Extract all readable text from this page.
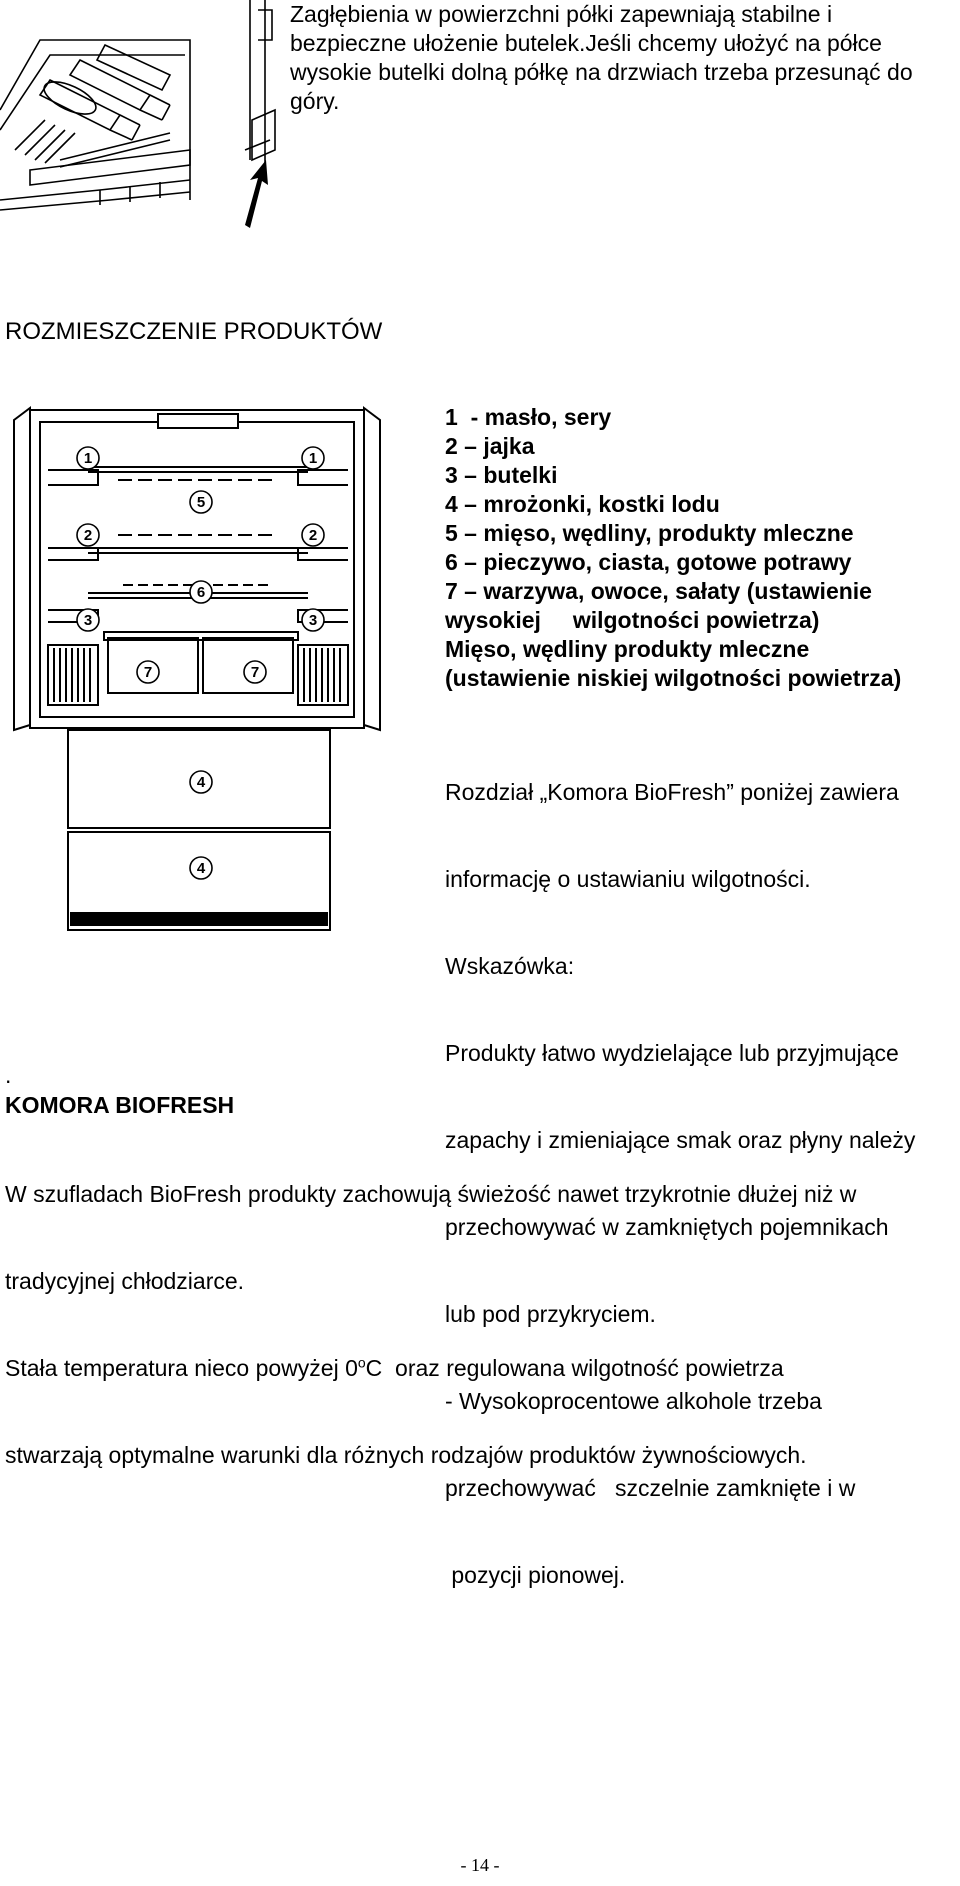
Zagłębienia w powierzchni półki zapewniają stabilne i bezpieczne ułożenie butelek.Jeśli chcemy ułożyć na półce wysokie butelki dolną półkę na drzwiach trzeba przesunąć do góry.
ROZMIESZCZENIE PRODUKTÓW
1	1
2	2
3	3
5
6
7	7
4
4
1  - masło, sery
2 – jajka
3 – butelki
4 – mrożonki, kostki lodu
5 – mięso, wędliny, produkty mleczne
6 – pieczywo, ciasta, gotowe potrawy
7 – warzywa, owoce, sałaty (ustawienie
wysokiej     wilgotności powietrza)
Mięso, wędliny produkty mleczne
(ustawienie niskiej wilgotności powietrza)

Rozdział „Komora BioFresh” poniżej zawiera

informację o ustawianiu wilgotności.

Wskazówka:

Produkty łatwo wydzielające lub przyjmujące

zapachy i zmieniające smak oraz płyny należy

przechowywać w zamkniętych pojemnikach

lub pod przykryciem.

- Wysokoprocentowe alkohole trzeba

przechowywać   szczelnie zamknięte i w

pozycji pionowej.

.
KOMORA BIOFRESH

W szufladach BioFresh produkty zachowują świeżość nawet trzykrotnie dłużej niż w

tradycyjnej chłodziarce.

Stała temperatura nieco powyżej 0$^o$C  oraz regulowana wilgotność powietrza

stwarzają optymalne warunki dla różnych rodzajów produktów żywnościowych.

- 14 -
